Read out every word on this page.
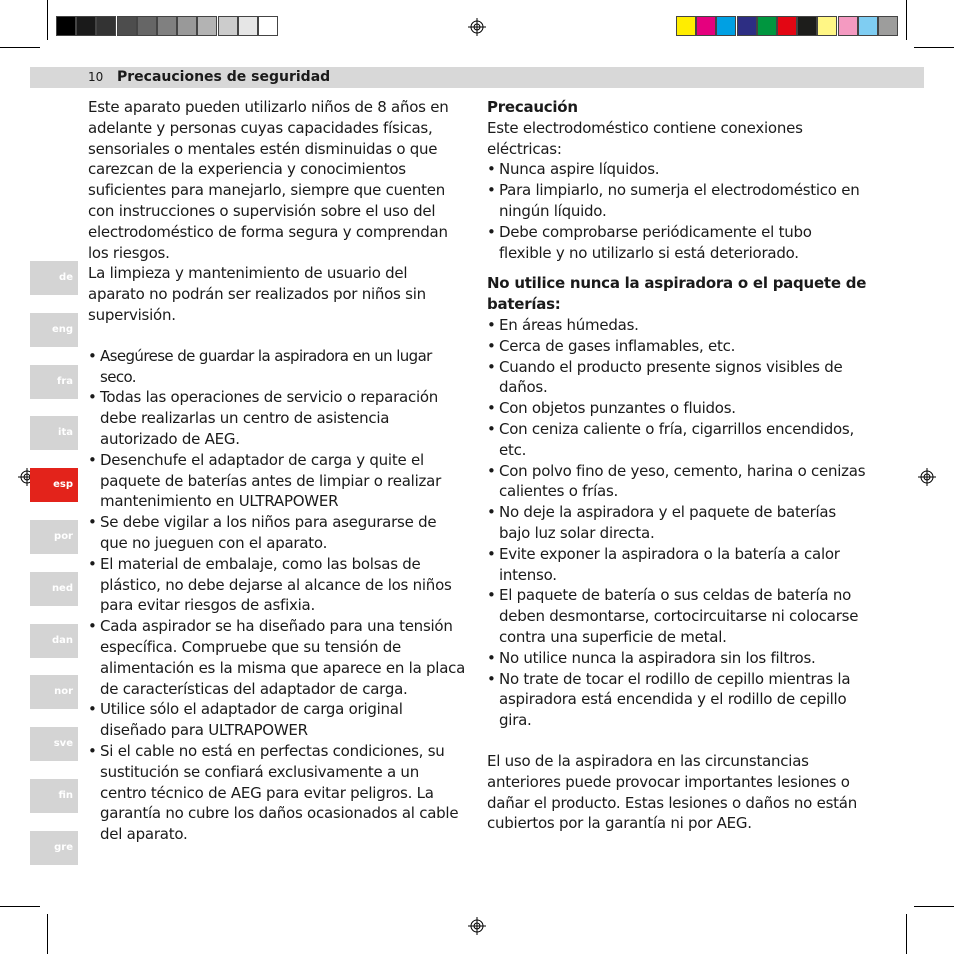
10 Precauciones de seguridad
de
eng
fra
ita
esp
por
ned
dan
nor
sve
fin
gre

Este aparato pueden utilizarlo niños de 8 años en adelante y personas cuyas capacidades físicas, sensoriales o mentales estén disminuidas o que carezcan de la experiencia y conocimientos suficientes para manejarlo, siempre que cuenten con instrucciones o supervisión sobre el uso del electrodoméstico de forma segura y comprendan los riesgos.

La limpieza y mantenimiento de usuario del aparato no podrán ser realizados por niños sin supervisión.

• Asegúrese de guardar la aspiradora en un lugar seco.
• Todas las operaciones de servicio o reparación debe realizarlas un centro de asistencia autorizado de AEG.
• Desenchufe el adaptador de carga y quite el paquete de baterías antes de limpiar o realizar mantenimiento en ULTRAPOWER
• Se debe vigilar a los niños para asegurarse de que no jueguen con el aparato.
• El material de embalaje, como las bolsas de plástico, no debe dejarse al alcance de los niños para evitar riesgos de asfixia.
• Cada aspirador se ha diseñado para una tensión específica. Compruebe que su tensión de alimentación es la misma que aparece en la placa de características del adaptador de carga.
• Utilice sólo el adaptador de carga original diseñado para ULTRAPOWER
• Si el cable no está en perfectas condiciones, su sustitución se confiará exclusivamente a un centro técnico de AEG para evitar peligros. La garantía no cubre los daños ocasionados al cable del aparato.

Precaución

Este electrodoméstico contiene conexiones eléctricas:

• Nunca aspire líquidos.
• Para limpiarlo, no sumerja el electrodoméstico en ningún líquido.
• Debe comprobarse periódicamente el tubo flexible y no utilizarlo si está deteriorado.

No utilice nunca la aspiradora o el paquete de baterías:

• En áreas húmedas.
• Cerca de gases inflamables, etc.
• Cuando el producto presente signos visibles de daños.
• Con objetos punzantes o fluidos.
• Con ceniza caliente o fría, cigarrillos encendidos, etc.
• Con polvo fino de yeso, cemento, harina o cenizas calientes o frías.
• No deje la aspiradora y el paquete de baterías bajo luz solar directa.
• Evite exponer la aspiradora o la batería a calor intenso.
• El paquete de batería o sus celdas de batería no deben desmontarse, cortocircuitarse ni colocarse contra una superficie de metal.
• No utilice nunca la aspiradora sin los filtros.
• No trate de tocar el rodillo de cepillo mientras la aspiradora está encendida y el rodillo de cepillo gira.

El uso de la aspiradora en las circunstancias anteriores puede provocar importantes lesiones o dañar el producto. Estas lesiones o daños no están cubiertos por la garantía ni por AEG.
